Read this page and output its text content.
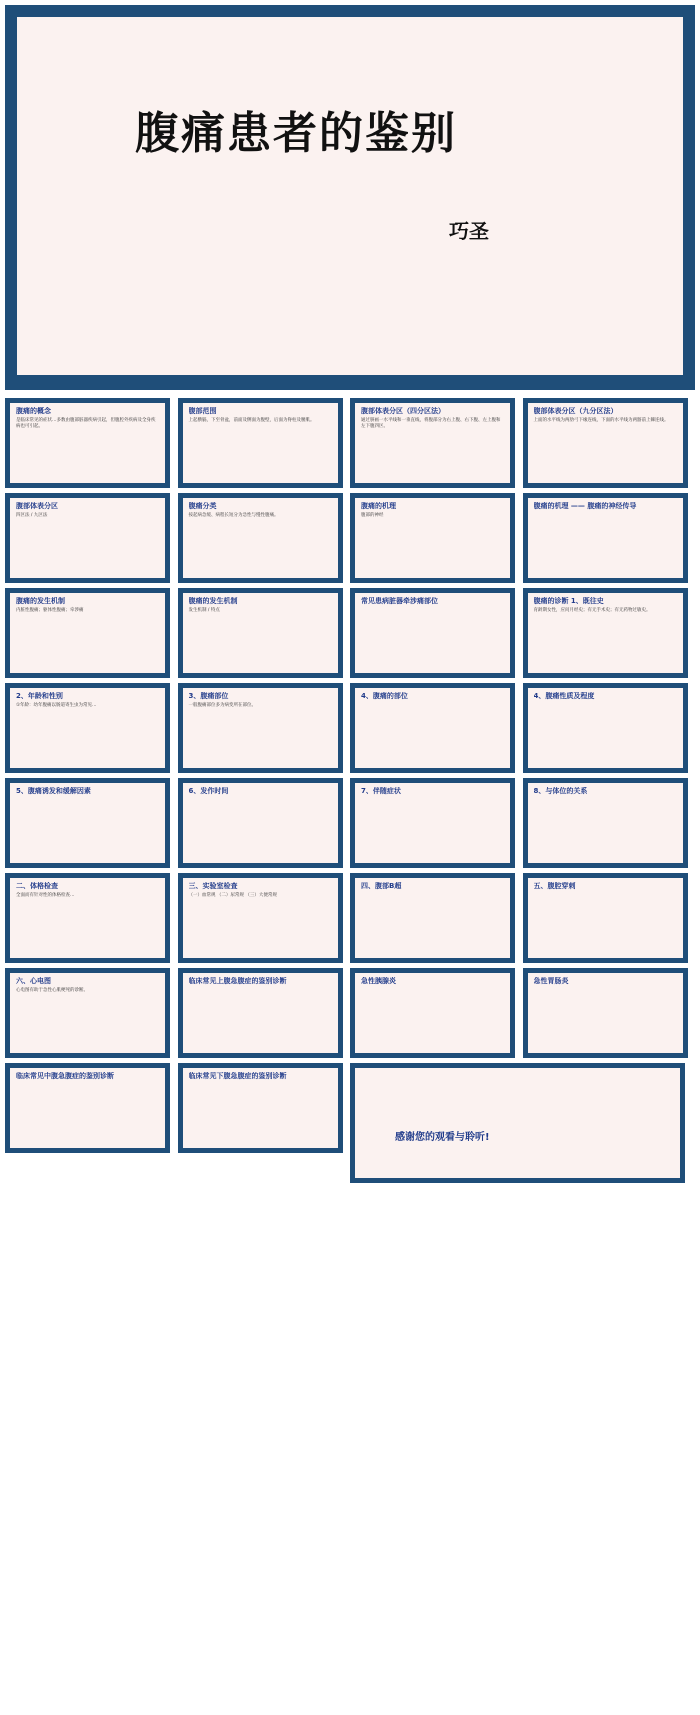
腹痛患者的鉴别
巧圣
腹痛的概念
是临床常见的症状…多数由腹部脏器疾病引起，但腹腔外疾病及全身疾病也可引起。
腹部范围
上起横膈，下至骨盆，前面及侧面为腹壁，后面为脊柱及腰肌。
腹部体表分区（四分区法）
通过脐画一水平线和一垂直线，将腹部分为右上腹、右下腹、左上腹和左下腹四区。
腹部体表分区（九分区法）
上面的水平线为两肋弓下缘连线，下面的水平线为两髂前上棘连线。
腹部体表分区
四区法 / 九区法
腹痛分类
按起病急缓、病程长短分为急性与慢性腹痛。
腹痛的机理
腹部的神经
腹痛的机理 —— 腹痛的神经传导
腹痛的发生机制
内脏性腹痛；躯体性腹痛；牵涉痛
腹痛的发生机制
发生机制 / 特点
常见患病脏器牵涉痛部位	腹痛的诊断 1、既往史
育龄期女性，应问月经史；有无手术史；有无药物过敏史。
2、年龄和性别
①年龄：幼年腹痛以肠道寄生虫为常见…
3、腹痛部位
一般腹痛部位多为病变所在部位。
4、腹痛的部位	4、腹痛性质及程度
5、腹痛诱发和缓解因素	6、发作时间	7、伴随症状	8、与体位的关系
二、体格检查
全面而有针对性的体格检查…
三、实验室检查
（一）血常规 （二）尿常规 （三）大便常规
四、腹部B超	五、腹腔穿刺
六、心电图
心电图有助于急性心肌梗死的诊断。
临床常见上腹急腹症的鉴别诊断	急性胰腺炎	急性胃肠炎
临床常见中腹急腹症的鉴别诊断	临床常见下腹急腹症的鉴别诊断
感谢您的观看与聆听!
